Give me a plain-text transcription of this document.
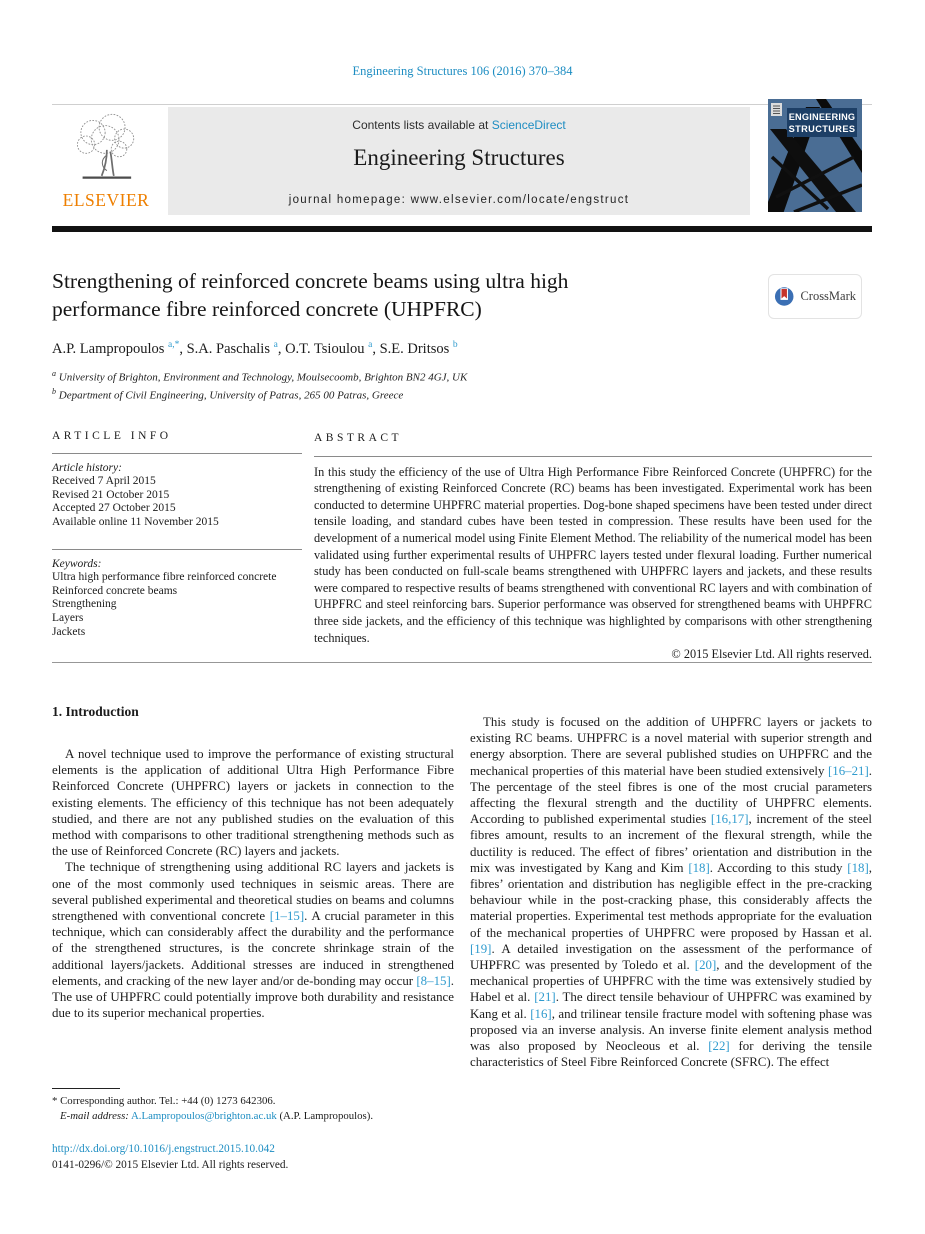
Engineering Structures 106 (2016) 370–384
ELSEVIER
Contents lists available at ScienceDirect
Engineering Structures
journal homepage: www.elsevier.com/locate/engstruct
ENGINEERING
STRUCTURES
Strengthening of reinforced concrete beams using ultra high performance fibre reinforced concrete (UHPFRC)
CrossMark
A.P. Lampropoulos $^{a,*}$, S.A. Paschalis $^a$, O.T. Tsioulou $^a$, S.E. Dritsos $^b$
$^a$ University of Brighton, Environment and Technology, Moulsecoomb, Brighton BN2 4GJ, UK
$^b$ Department of Civil Engineering, University of Patras, 265 00 Patras, Greece
ARTICLE INFO
Article history:
Received 7 April 2015
Revised 21 October 2015
Accepted 27 October 2015
Available online 11 November 2015
Keywords:
Ultra high performance fibre reinforced concrete
Reinforced concrete beams
Strengthening
Layers
Jackets
ABSTRACT
In this study the efficiency of the use of Ultra High Performance Fibre Reinforced Concrete (UHPFRC) for the strengthening of existing Reinforced Concrete (RC) beams has been investigated. Experimental work has been conducted to determine UHPFRC material properties. Dog-bone shaped specimens have been tested under direct tensile loading, and standard cubes have been tested in compression. These results have been used for the development of a numerical model using Finite Element Method. The reliability of the numerical model has been validated using further experimental results of UHPFRC layers tested under flexural loading. Further numerical study has been conducted on full-scale beams strengthened with UHPFRC layers and jackets, and these results were compared to respective results of beams strengthened with conventional RC layers and with combination of UHPFRC and steel reinforcing bars. Superior performance was observed for strengthened beams with UHPFRC three side jackets, and the efficiency of this technique was highlighted by comparisons with other strengthening techniques.
© 2015 Elsevier Ltd. All rights reserved.
1. Introduction

A novel technique used to improve the performance of existing structural elements is the application of additional Ultra High Performance Fibre Reinforced Concrete (UHPFRC) layers or jackets in connection to the existing elements. The efficiency of this technique has not been adequately studied, and there are not any published studies on the evaluation of this method with comparisons to other traditional strengthening methods such as the use of Reinforced Concrete (RC) layers and jackets.

The technique of strengthening using additional RC layers and jackets is one of the most commonly used techniques in seismic areas. There are several published experimental and theoretical studies on beams and columns strengthened with conventional concrete [1–15]. A crucial parameter in this technique, which can considerably affect the durability and the performance of the strengthened structures, is the concrete shrinkage strain of the additional layers/jackets. Additional stresses are induced in strengthened elements, and cracking of the new layer and/or de-bonding may occur [8–15]. The use of UHPFRC could potentially improve both durability and resistance due to its superior mechanical properties.

This study is focused on the addition of UHPFRC layers or jackets to existing RC beams. UHPFRC is a novel material with superior strength and energy absorption. There are several published studies on UHPFRC and the mechanical properties of this material have been studied extensively [16–21]. The percentage of the steel fibres is one of the most crucial parameters affecting the flexural strength and the ductility of UHPFRC elements. According to published experimental studies [16,17], increment of the steel fibres amount, results to an increment of the flexural strength, while the ductility is reduced. The effect of fibres’ orientation and distribution in the mix was investigated by Kang and Kim [18]. According to this study [18], fibres’ orientation and distribution has negligible effect in the pre-cracking behaviour while in the post-cracking phase, this considerably affects the material properties. Experimental test methods appropriate for the evaluation of the mechanical properties of UHPFRC were proposed by Hassan et al. [19]. A detailed investigation on the assessment of the performance of UHPFRC was presented by Toledo et al. [20], and the development of the mechanical properties of UHPFRC with the time was extensively studied by Habel et al. [21]. The direct tensile behaviour of UHPFRC was examined by Kang et al. [16], and trilinear tensile fracture model with softening phase was proposed via an inverse analysis. An inverse finite element analysis method was also proposed by Neocleous et al. [22] for deriving the tensile characteristics of Steel Fibre Reinforced Concrete (SFRC). The effect

* Corresponding author. Tel.: +44 (0) 1273 642306.
E-mail address: A.Lampropoulos@brighton.ac.uk (A.P. Lampropoulos).
http://dx.doi.org/10.1016/j.engstruct.2015.10.042
0141-0296/© 2015 Elsevier Ltd. All rights reserved.
